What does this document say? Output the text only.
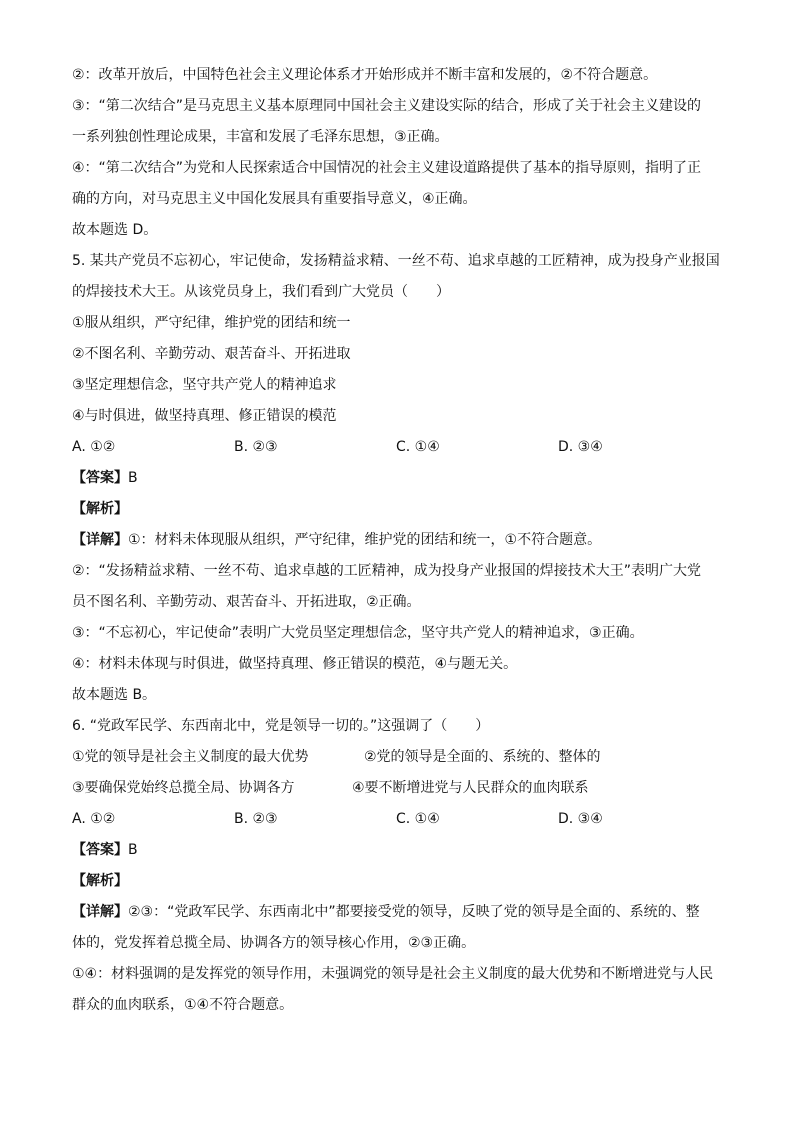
②：改革开放后，中国特色社会主义理论体系才开始形成并不断丰富和发展的，②不符合题意。
③：“第二次结合”是马克思主义基本原理同中国社会主义建设实际的结合，形成了关于社会主义建设的
一系列独创性理论成果，丰富和发展了毛泽东思想，③正确。
④：“第二次结合”为党和人民探索适合中国情况的社会主义建设道路提供了基本的指导原则，指明了正
确的方向，对马克思主义中国化发展具有重要指导意义，④正确。
故本题选 D。
5. 某共产党员不忘初心，牢记使命，发扬精益求精、一丝不苟、追求卓越的工匠精神，成为投身产业报国
的焊接技术大王。从该党员身上，我们看到广大党员（　　）
①服从组织，严守纪律，维护党的团结和统一
②不图名利、辛勤劳动、艰苦奋斗、开拓进取
③坚定理想信念，坚守共产党人的精神追求
④与时俱进，做坚持真理、修正错误的模范
A. ①②	B. ②③	C. ①④	D. ③④
【答案】B
【解析】
【详解】①：材料未体现服从组织，严守纪律，维护党的团结和统一，①不符合题意。
②：“发扬精益求精、一丝不苟、追求卓越的工匠精神，成为投身产业报国的焊接技术大王”表明广大党
员不图名利、辛勤劳动、艰苦奋斗、开拓进取，②正确。
③：“不忘初心，牢记使命”表明广大党员坚定理想信念，坚守共产党人的精神追求，③正确。
④：材料未体现与时俱进，做坚持真理、修正错误的模范，④与题无关。
故本题选 B。
6. “党政军民学、东西南北中，党是领导一切的。”这强调了（　　）
①党的领导是社会主义制度的最大优势	②党的领导是全面的、系统的、整体的
③要确保党始终总揽全局、协调各方	④要不断增进党与人民群众的血肉联系
A. ①②	B. ②③	C. ①④	D. ③④
【答案】B
【解析】
【详解】②③：“党政军民学、东西南北中”都要接受党的领导，反映了党的领导是全面的、系统的、整
体的，党发挥着总揽全局、协调各方的领导核心作用，②③正确。
①④：材料强调的是发挥党的领导作用，未强调党的领导是社会主义制度的最大优势和不断增进党与人民
群众的血肉联系，①④不符合题意。
